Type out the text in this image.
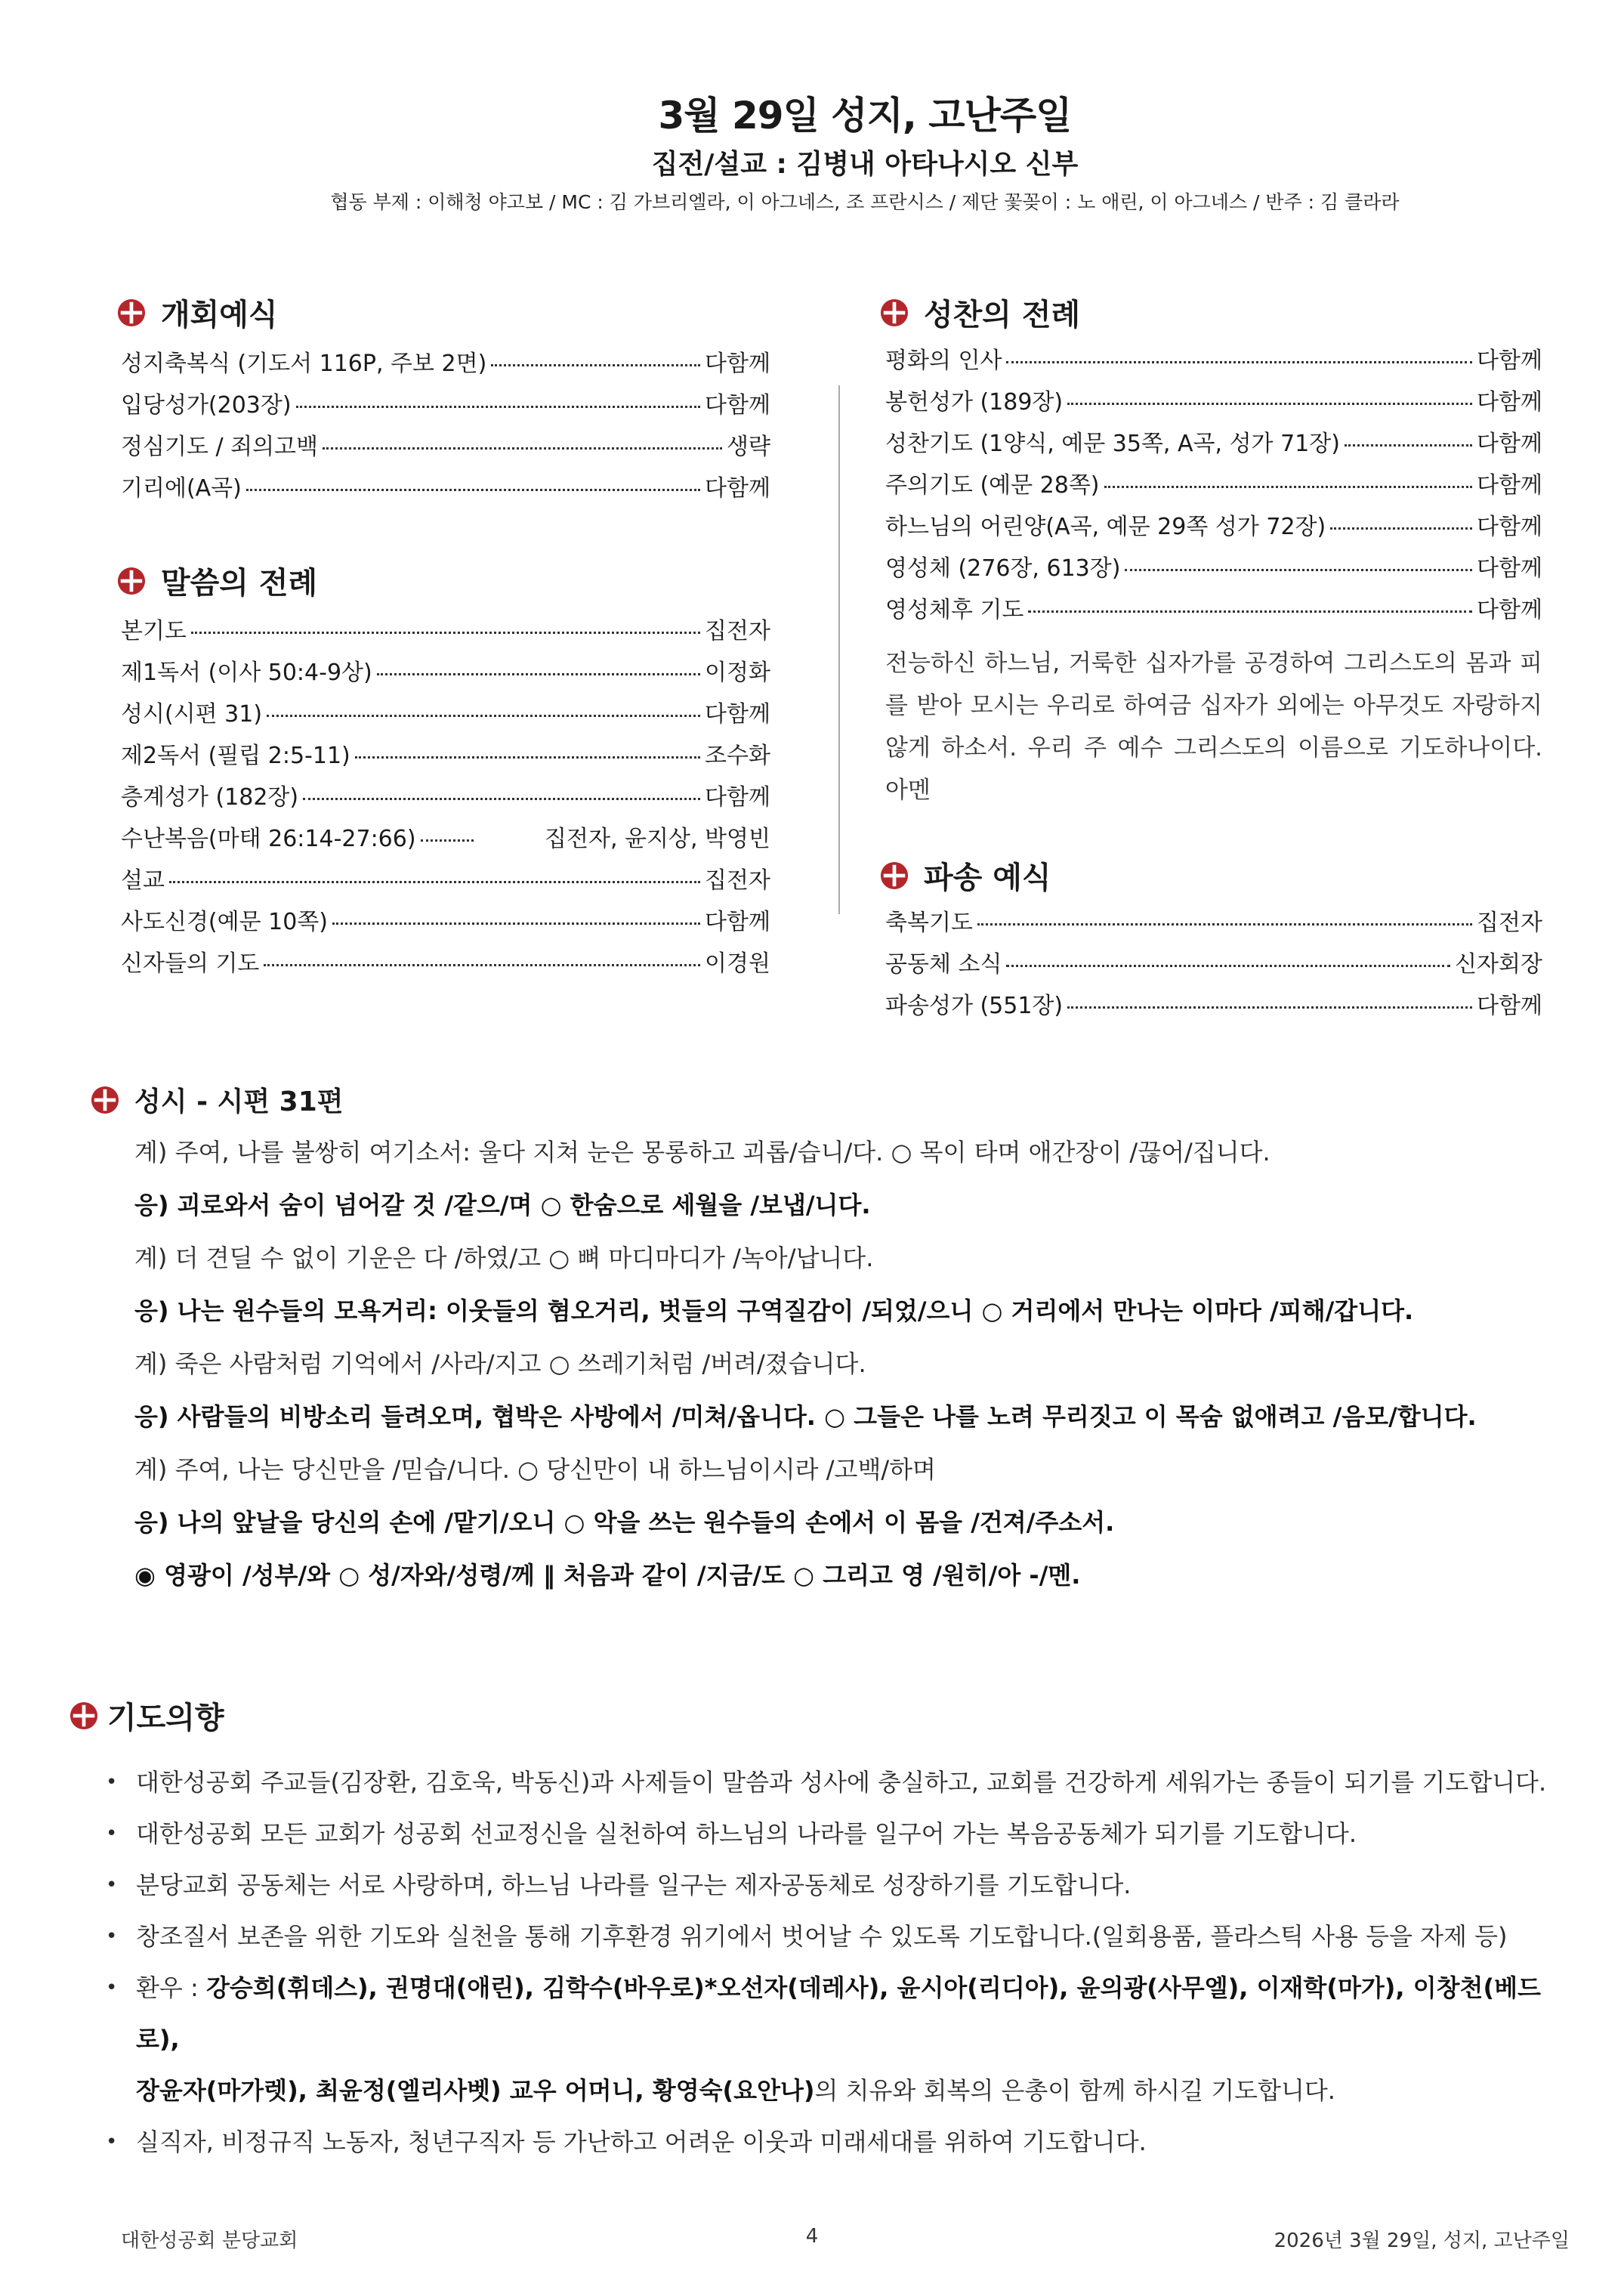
3월 29일 성지, 고난주일
집전/설교 : 김병내 아타나시오 신부
협동 부제 : 이해청 야고보 / MC : 김 가브리엘라, 이 아그네스, 조 프란시스 / 제단 꽃꽂이 : 노 애린, 이 아그네스 / 반주 : 김 클라라
개회예식
성지축복식 (기도서 116P, 주보 2면)	다함께
입당성가(203장)	다함께
정심기도 / 죄의고백	생략
기리에(A곡)	다함께
말씀의 전례
본기도	집전자
제1독서 (이사 50:4-9상)	이정화
성시(시편 31)	다함께
제2독서 (필립 2:5-11)	조수화
층계성가 (182장)	다함께
수난복음(마태 26:14-27:66)	집전자, 윤지상, 박영빈
설교	집전자
사도신경(예문 10쪽)	다함께
신자들의 기도	이경원
성찬의 전례
평화의 인사	다함께
봉헌성가 (189장)	다함께
성찬기도 (1양식, 예문 35쪽, A곡, 성가 71장)	다함께
주의기도 (예문 28쪽)	다함께
하느님의 어린양(A곡, 예문 29쪽 성가 72장)	다함께
영성체 (276장, 613장)	다함께
영성체후 기도	다함께
전능하신 하느님, 거룩한 십자가를 공경하여 그리스도의 몸과 피를 받아 모시는 우리로 하여금 십자가 외에는 아무것도 자랑하지 않게 하소서. 우리 주 예수 그리스도의 이름으로 기도하나이다. 아멘
파송 예식
축복기도	집전자
공동체 소식	신자회장
파송성가 (551장)	다함께
성시 - 시편 31편
계) 주여, 나를 불쌍히 여기소서: 울다 지쳐 눈은 몽롱하고 괴롭/습니/다. ○ 목이 타며 애간장이 /끊어/집니다.
응) 괴로와서 숨이 넘어갈 것 /같으/며 ○ 한숨으로 세월을 /보냅/니다.
계) 더 견딜 수 없이 기운은 다 /하였/고 ○ 뼈 마디마디가 /녹아/납니다.
응) 나는 원수들의 모욕거리: 이웃들의 혐오거리, 벗들의 구역질감이 /되었/으니 ○ 거리에서 만나는 이마다 /피해/갑니다.
계) 죽은 사람처럼 기억에서 /사라/지고 ○ 쓰레기처럼 /버려/졌습니다.
응) 사람들의 비방소리 들려오며, 협박은 사방에서 /미쳐/옵니다. ○ 그들은 나를 노려 무리짓고 이 목숨 없애려고 /음모/합니다.
계) 주여, 나는 당신만을 /믿습/니다. ○ 당신만이 내 하느님이시라 /고백/하며
응) 나의 앞날을 당신의 손에 /맡기/오니 ○ 악을 쓰는 원수들의 손에서 이 몸을 /건져/주소서.
◉ 영광이 /성부/와 ○ 성/자와/성령/께 ‖ 처음과 같이 /지금/도 ○ 그리고 영 /원히/아 -/멘.
기도의향
• 대한성공회 주교들(김장환, 김호욱, 박동신)과 사제들이 말씀과 성사에 충실하고, 교회를 건강하게 세워가는 종들이 되기를 기도합니다.
• 대한성공회 모든 교회가 성공회 선교정신을 실천하여 하느님의 나라를 일구어 가는 복음공동체가 되기를 기도합니다.
• 분당교회 공동체는 서로 사랑하며, 하느님 나라를 일구는 제자공동체로 성장하기를 기도합니다.
• 창조질서 보존을 위한 기도와 실천을 통해 기후환경 위기에서 벗어날 수 있도록 기도합니다.(일회용품, 플라스틱 사용 등을 자제 등)
• 환우 : 강승희(휘데스), 권명대(애린), 김학수(바우로)*오선자(데레사), 윤시아(리디아), 윤의광(사무엘), 이재학(마가), 이창천(베드로),
장윤자(마가렛), 최윤정(엘리사벳) 교우 어머니, 황영숙(요안나)의 치유와 회복의 은총이 함께 하시길 기도합니다.
• 실직자, 비정규직 노동자, 청년구직자 등 가난하고 어려운 이웃과 미래세대를 위하여 기도합니다.
대한성공회 분당교회	4	2026년 3월 29일, 성지, 고난주일
